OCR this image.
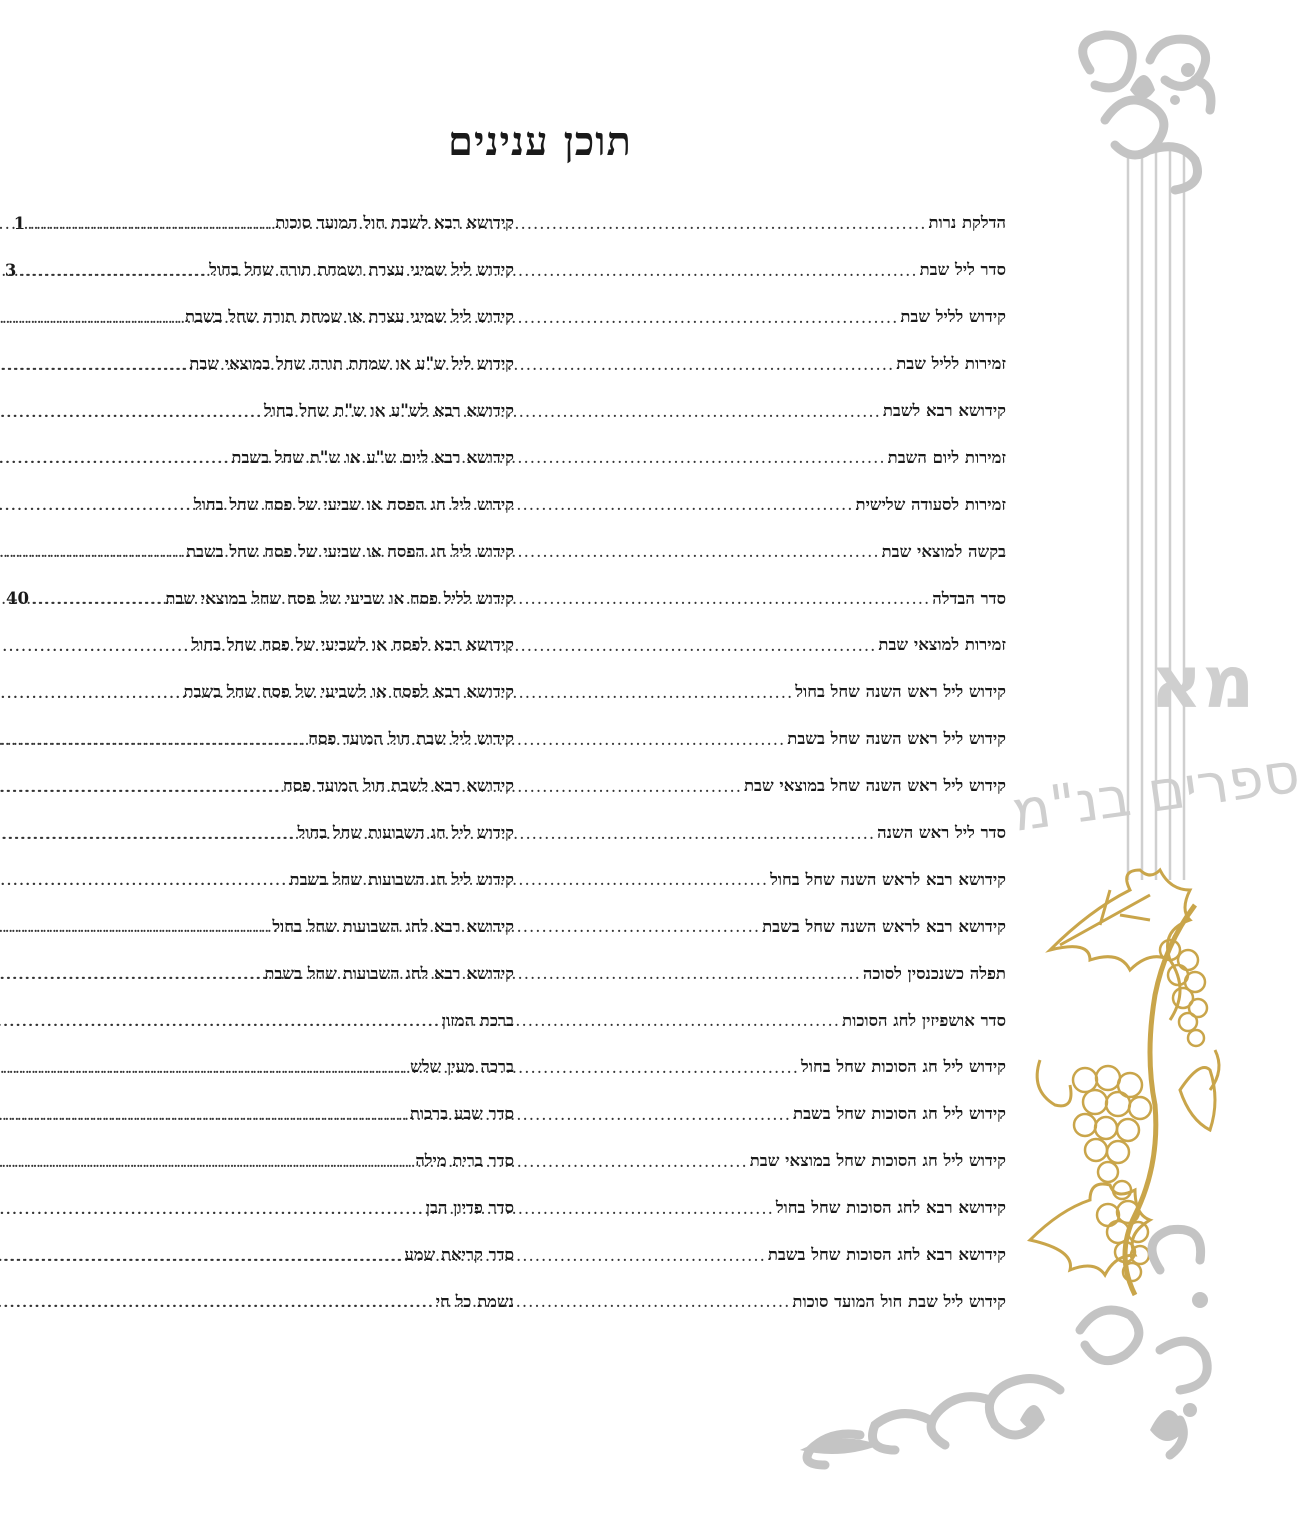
מא
ספרים בנ"מ
תוכן ענינים
הדלקת נרות
.....
1
סדר ליל שבת
.....
3
קידוש לליל שבת
.....
זמירות לליל שבת
.....
קידושא רבא לשבת
.....
זמירות ליום השבת
.....
זמירות לסעודה שלישית
.....
בקשה למוצאי שבת
.....
סדר הבדלה
.....
40
זמירות למוצאי שבת
.....
קידוש ליל ראש השנה שחל בחול
.....
קידוש ליל ראש השנה שחל בשבת
.....
קידוש ליל ראש השנה שחל במוצאי שבת
.....
סדר ליל ראש השנה
.....
קידושא רבא לראש השנה שחל בחול
.....
קידושא רבא לראש השנה שחל בשבת
.....
תפלה כשנכנסין לסוכה
.....
סדר אושפיזין לחג הסוכות
.....
קידוש ליל חג הסוכות שחל בחול
.....
קידוש ליל חג הסוכות שחל בשבת
.....
קידוש ליל חג הסוכות שחל במוצאי שבת
.....
קידושא רבא לחג הסוכות שחל בחול
.....
קידושא רבא לחג הסוכות שחל בשבת
.....
קידוש ליל שבת חול המועד סוכות
.....
קידושא רבא לשבת חול המועד סוכות
.....
קידוש ליל שמיני עצרת ושמחת תורה שחל בחול
.....
קידוש ליל שמיני עצרת או שמחת תורה שחל בשבת
.....
קידוש ליל ש"ע או שמחת תורה שחל במוצאי שבת
.....
קידושא רבא לש"ע או ש"ת שחל בחול
.....
קידושא רבא ליום ש"ע או ש"ת שחל בשבת
.....
קידוש ליל חג הפסח או שביעי של פסח שחל בחול
.....
קידוש ליל חג הפסח או שביעי של פסח שחל בשבת
.....
קידוש לליל פסח או שביעי של פסח שחל במוצאי שבת
.....
קידושא רבא לפסח או לשביעי של פסח שחל בחול
.....
קידושא רבא לפסח או לשביעי של פסח שחל בשבת
.....
קידוש ליל שבת חול המועד פסח
.....
קידושא רבא לשבת חול המועד פסח
.....
קידוש ליל חג השבועות שחל בחול
.....
קידוש ליל חג השבועות שחל בשבת
.....
קידושא רבא לחג השבועות שחל בחול
.....
קידושא רבא לחג השבועות שחל בשבת
.....
ברכת המזון
.....
ברכה מעין שלש
.....
סדר שבע ברכות
.....
סדר ברית מילה
.....
סדר פדיון הבן
.....
סדר קריאת שמע
.....
נשמת כל חי
.....
